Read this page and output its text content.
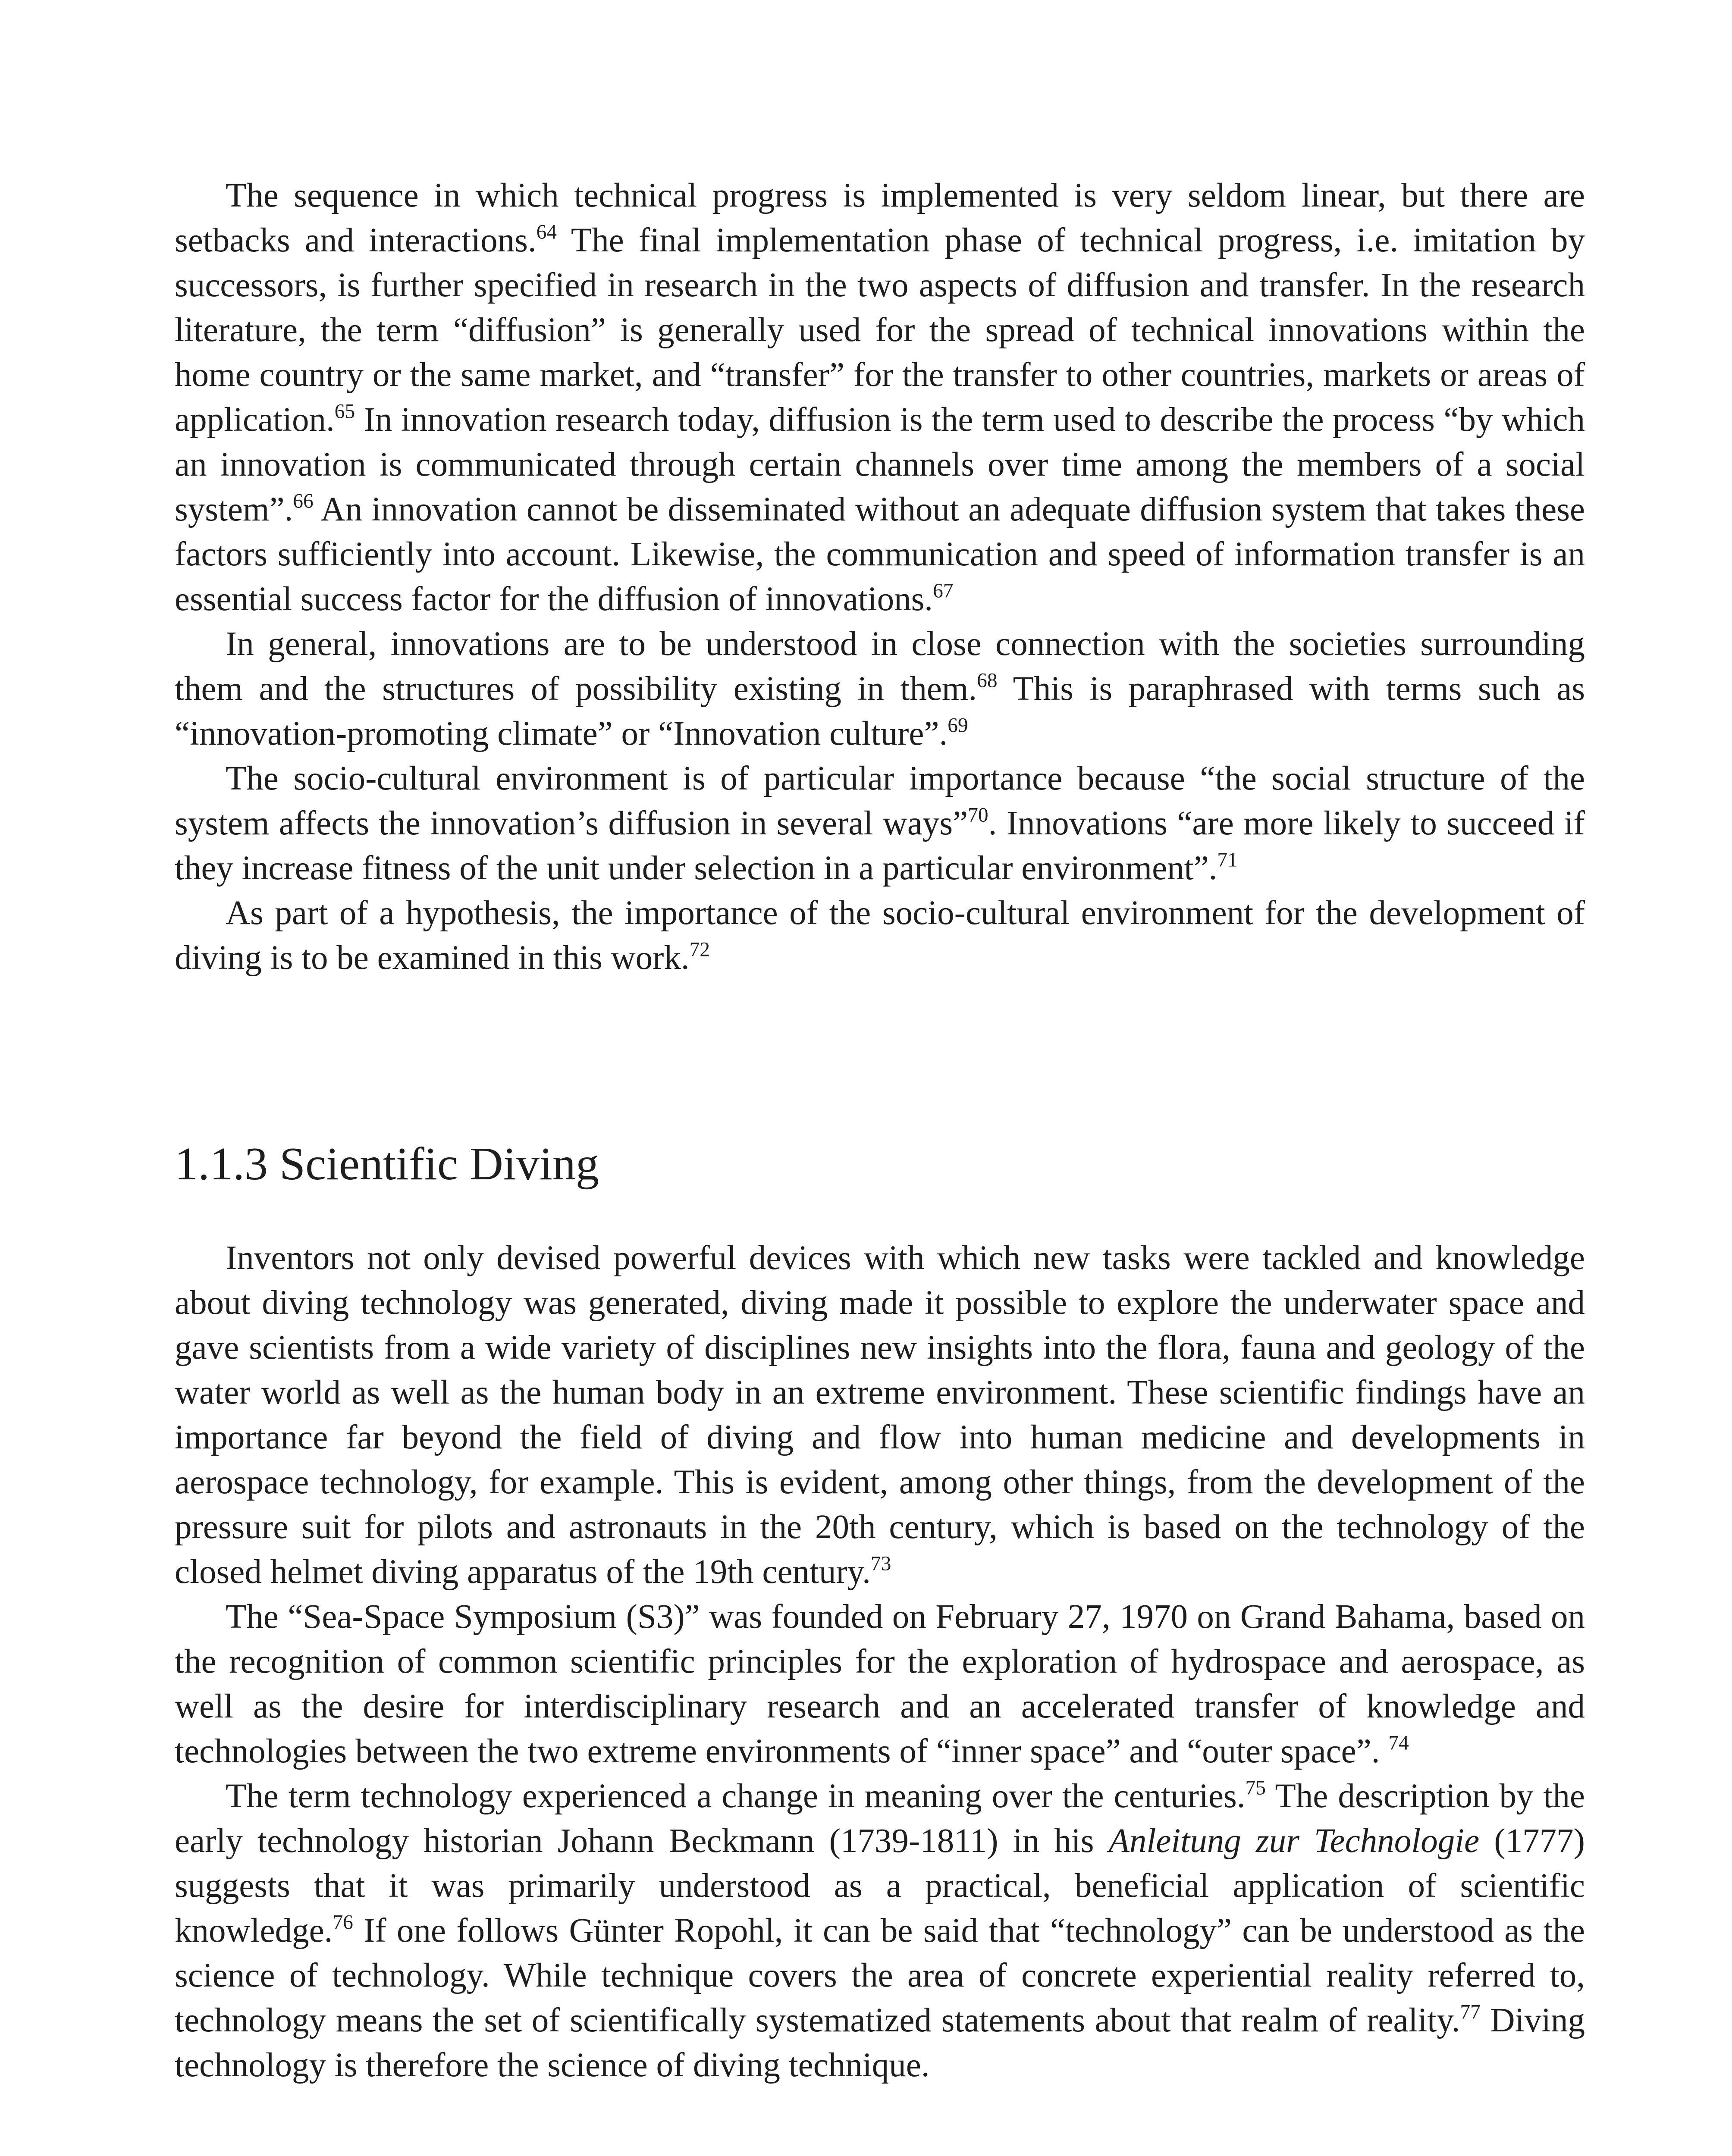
The sequence in which technical progress is implemented is very seldom linear, but there are setbacks and interactions.$^{64}$ The final implementation phase of technical progress, i.e. imitation by successors, is further specified in research in the two aspects of diffusion and transfer. In the research literature, the term “diffusion” is generally used for the spread of technical innovations within the home country or the same market, and “transfer” for the transfer to other countries, markets or areas of application.$^{65}$ In innovation research today, diffusion is the term used to describe the process “by which an innovation is communicated through certain channels over time among the members of a social system”.$^{66}$ An innovation cannot be disseminated without an adequate diffusion system that takes these factors sufficiently into account. Likewise, the communication and speed of information transfer is an essential success factor for the diffusion of innovations.$^{67}$

In general, innovations are to be understood in close connection with the societies surrounding them and the structures of possibility existing in them.$^{68}$ This is paraphrased with terms such as “innovation-promoting climate” or “Innovation culture”.$^{69}$

The socio-cultural environment is of particular importance because “the social structure of the system affects the innovation’s diffusion in several ways”$^{70}$. Innovations “are more likely to succeed if they increase fitness of the unit under selection in a particular environment”.$^{71}$

As part of a hypothesis, the importance of the socio-cultural environment for the development of diving is to be examined in this work.$^{72}$

1.1.3 Scientific Diving

Inventors not only devised powerful devices with which new tasks were tackled and knowledge about diving technology was generated, diving made it possible to explore the underwater space and gave scientists from a wide variety of disciplines new insights into the flora, fauna and geology of the water world as well as the human body in an extreme environment. These scientific findings have an importance far beyond the field of diving and flow into human medicine and developments in aerospace technology, for example. This is evident, among other things, from the development of the pressure suit for pilots and astronauts in the 20th century, which is based on the technology of the closed helmet diving apparatus of the 19th century.$^{73}$

The “Sea-Space Symposium (S3)” was founded on February 27, 1970 on Grand Bahama, based on the recognition of common scientific principles for the exploration of hydrospace and aerospace, as well as the desire for interdisciplinary research and an accelerated transfer of knowledge and technologies between the two extreme environments of “inner space” and “outer space”. $^{74}$

The term technology experienced a change in meaning over the centuries.$^{75}$ The description by the early technology historian Johann Beckmann (1739-1811) in his Anleitung zur Technologie (1777) suggests that it was primarily understood as a practical, beneficial application of scientific knowledge.$^{76}$ If one follows Günter Ropohl, it can be said that “technology” can be understood as the science of technology. While technique covers the area of concrete experiential reality referred to, technology means the set of scientifically systematized statements about that realm of reality.$^{77}$ Diving technology is therefore the science of diving technique.
